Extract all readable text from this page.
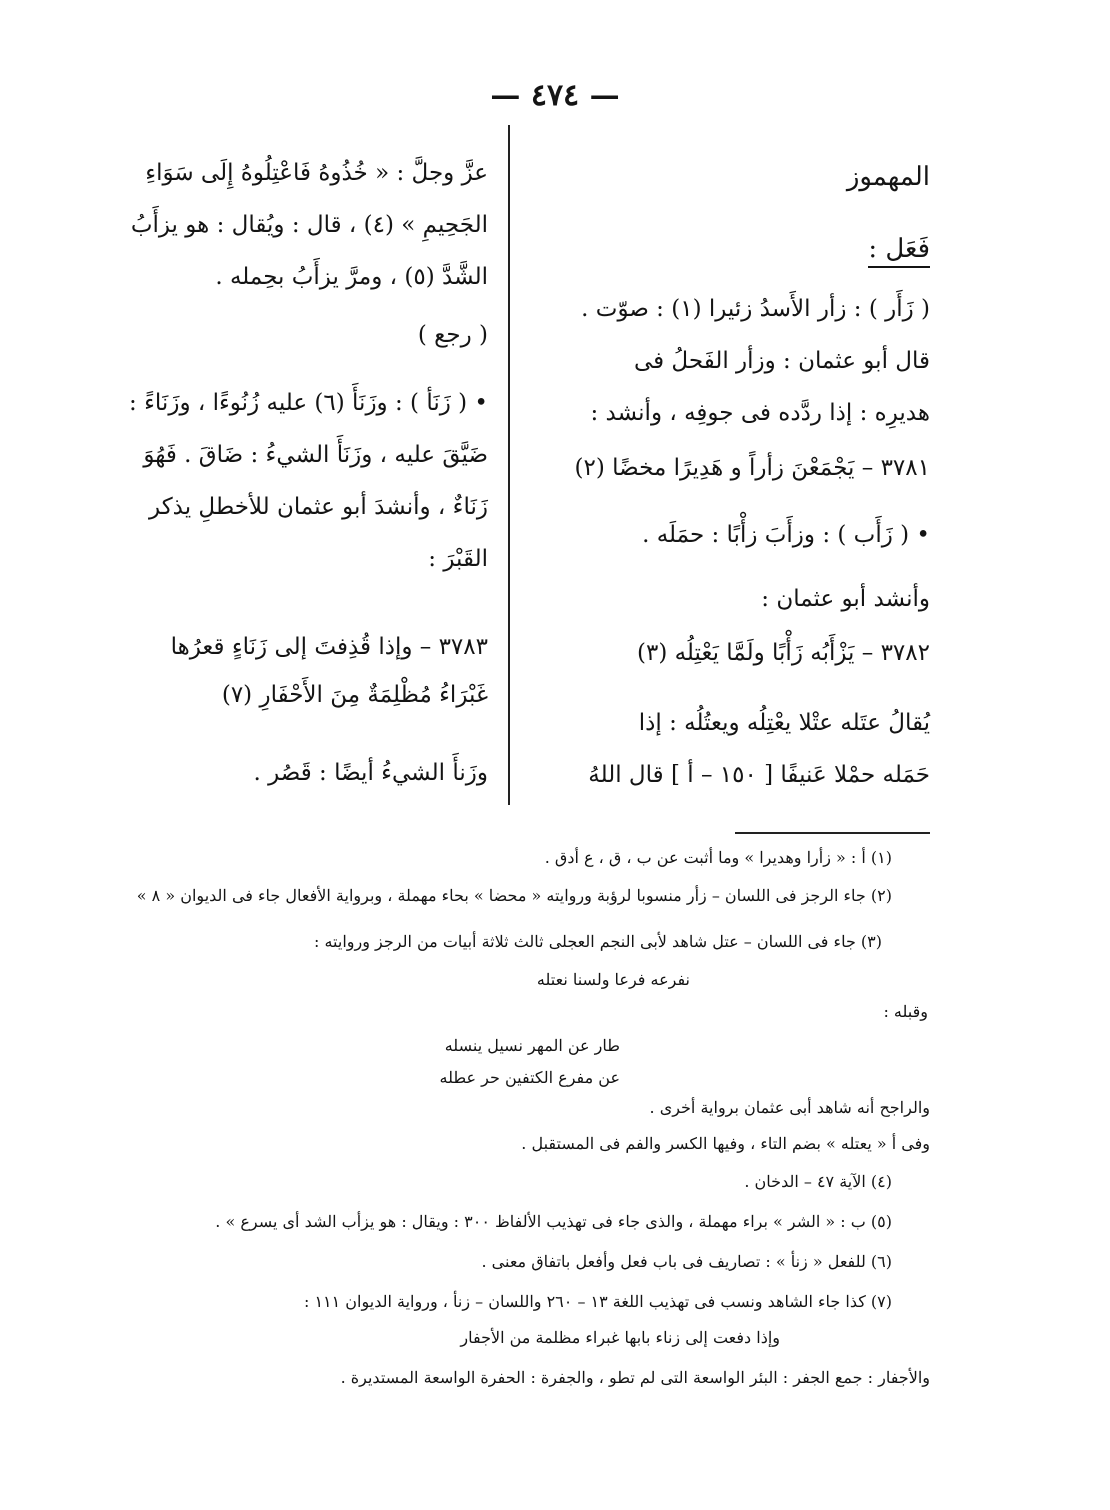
— ٤٧٤ —
المهموز
فَعَل :
( زَأَر ) : زأر الأَسدُ زئيرا (١) : صوّت .
قال أبو عثمان : وزأر الفَحلُ فى
هديرِه : إذا ردَّده فى جوفِه ، وأنشد :
٣٧٨١ – يَجْمَعْنَ زأراً و هَدِيرًا مخضًا (٢)
• ( زَأَب ) : وزأَبَ زأْبًا : حمَلَه .
وأنشد أبو عثمان :
٣٧٨٢ – يَزْأَبُه زَأْبًا ولَمَّا يَعْتِلُه (٣)
يُقالُ عتَله عتْلا يعْتِلُه ويعتُلُه : إذا
حَمَله حمْلا عَنيفًا [ ١٥٠ – أ ] قال اللهُ
عزَّ وجلَّ : « خُذُوهُ فَاعْتِلُوهُ إِلَى سَوَاءِ
الجَحِيمِ » (٤) ، قال : ويُقال : هو يزأَبُ
الشَّدَّ (٥) ، ومرَّ يزأَبُ بحِمله .
( رجع )
• ( زَنَأ ) : وزَنَأَ (٦) عليه زُنُوءًا ، وزَنَاءً :
ضَيَّقَ عليه ، وزَنَأَ الشيءُ : ضَاقَ . فَهُوَ
زَنَاءٌ ، وأنشدَ أبو عثمان للأخطلِ يذكر
القَبْرَ :
٣٧٨٣ – وإذا قُذِفتَ إلى زَنَاءٍ قعرُها
غَبْرَاءُ مُظْلِمَةٌ مِنَ الأَحْفَارِ (٧)
وزَنأَ الشيءُ أيضًا : قَصُر .
(١) أ : « زأرا وهديرا » وما أثبت عن ب ، ق ، ع أدق .
(٢) جاء الرجز فى اللسان – زأر منسوبا لرؤبة وروايته « محضا » بحاء مهملة ، وبرواية الأفعال جاء فى الديوان « ٨ »
(٣) جاء فى اللسان – عتل شاهد لأبى النجم العجلى ثالث ثلاثة أبيات من الرجز وروايته :
نفرعه فرعا ولسنا نعتله
وقبله :
طار عن المهر نسيل ينسله
عن مفرع الكتفين حر عطله
والراجح أنه شاهد أبى عثمان برواية أخرى .
وفى أ « يعتله » بضم التاء ، وفيها الكسر والفم فى المستقبل .
(٤) الآية ٤٧ – الدخان .
(٥) ب : « الشر » براء مهملة ، والذى جاء فى تهذيب الألفاظ ٣٠٠ : ويقال : هو يزأب الشد أى يسرع » .
(٦) للفعل « زنأ » : تصاريف فى باب فعل وأفعل باتفاق معنى .
(٧) كذا جاء الشاهد ونسب فى تهذيب اللغة ١٣ – ٢٦٠ واللسان – زنأ ، ورواية الديوان ١١١ :
وإذا دفعت إلى زناء بابها غبراء مظلمة من الأجفار
والأجفار : جمع الجفر : البئر الواسعة التى لم تطو ، والجفرة : الحفرة الواسعة المستديرة .
